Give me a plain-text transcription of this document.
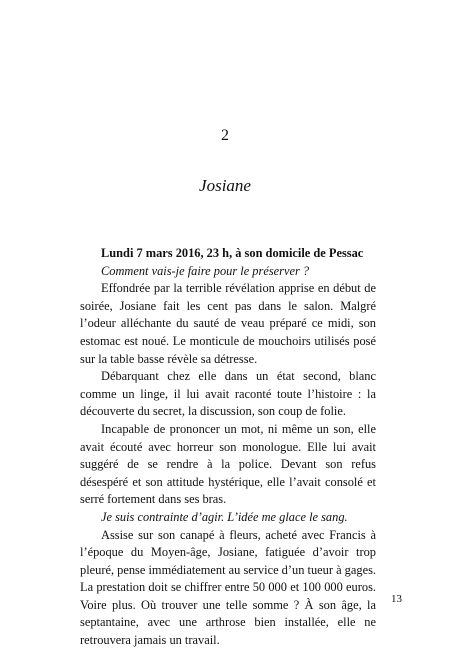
2
Josiane

Lundi 7 mars 2016, 23 h, à son domicile de Pessac

Comment vais-je faire pour le préserver ?

Effondrée par la terrible révélation apprise en début de soirée, Josiane fait les cent pas dans le salon. Malgré l’odeur alléchante du sauté de veau préparé ce midi, son estomac est noué. Le monticule de mouchoirs utilisés posé sur la table basse révèle sa détresse.

Débarquant chez elle dans un état second, blanc comme un linge, il lui avait raconté toute l’histoire : la découverte du secret, la discussion, son coup de folie.

Incapable de prononcer un mot, ni même un son, elle avait écouté avec horreur son monologue. Elle lui avait suggéré de se rendre à la police. Devant son refus désespéré et son attitude hystérique, elle l’avait consolé et serré fortement dans ses bras.

Je suis contrainte d’agir. L’idée me glace le sang.

Assise sur son canapé à fleurs, acheté avec Francis à l’époque du Moyen-âge, Josiane, fatiguée d’avoir trop pleuré, pense immédiatement au service d’un tueur à gages. La prestation doit se chiffrer entre 50 000 et 100 000 euros. Voire plus. Où trouver une telle somme ? À son âge, la septantaine, avec une arthrose bien installée, elle ne retrouvera jamais un travail.

13
